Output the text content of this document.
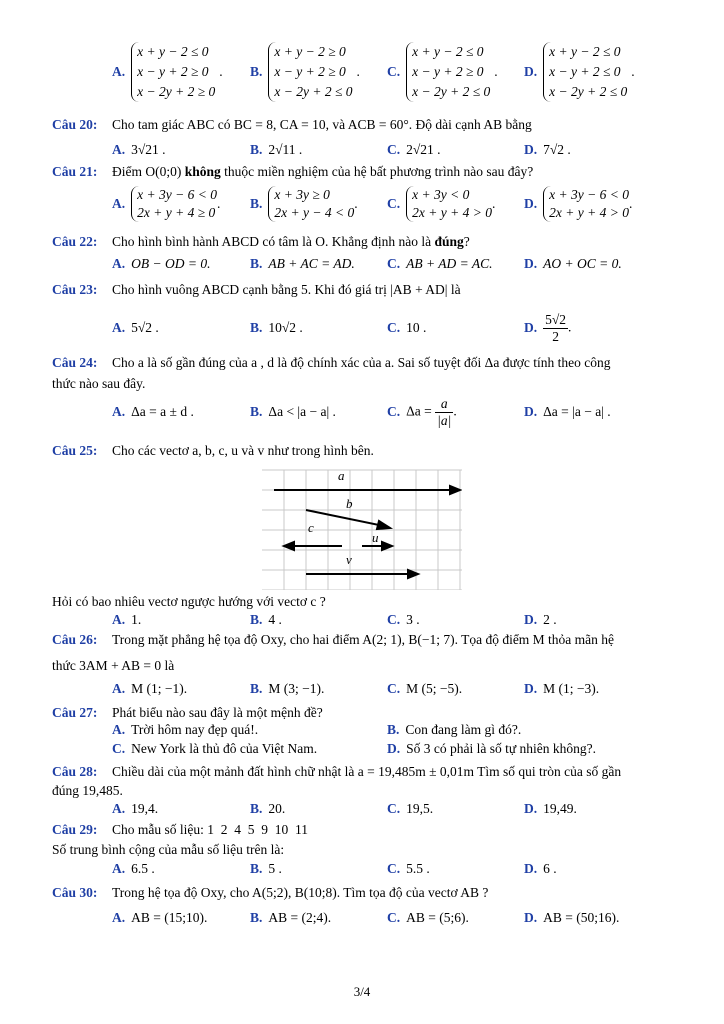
A.
x + y − 2 ≤ 0
x − y + 2 ≥ 0
x − 2y + 2 ≥ 0
. B.
x + y − 2 ≥ 0
x − y + 2 ≥ 0
x − 2y + 2 ≤ 0
. C.
x + y − 2 ≤ 0
x − y + 2 ≥ 0
x − 2y + 2 ≤ 0
. D.
x + y − 2 ≤ 0
x − y + 2 ≤ 0
x − 2y + 2 ≤ 0
.
Câu 20: Cho tam giác ABC có BC = 8, CA = 10, và ACB = 60°. Độ dài cạnh AB bằng
A. 3√21 .	B. 2√11 .	C. 2√21 .	D. 7√2 .
Câu 21: Điểm O(0;0) không thuộc miền nghiệm của hệ bất phương trình nào sau đây?
A.
x + 3y − 6 < 0
2x + y + 4 ≥ 0
. B.
x + 3y ≥ 0
2x + y − 4 < 0
. C.
x + 3y < 0
2x + y + 4 > 0
. D.
x + 3y − 6 < 0
2x + y + 4 > 0
.
Câu 22: Cho hình bình hành ABCD có tâm là O. Khẳng định nào là đúng?
A. OB − OD = 0.	B. AB + AC = AD. C. AB + AD = AC. D. AO + OC = 0.
Câu 23: Cho hình vuông ABCD cạnh bằng 5. Khi đó giá trị |AB + AD| là
A. 5√2 .	B. 10√2 .	C. 10 .	D. $\frac{5√2}{2}$ .
Câu 24: Cho a là số gần đúng của a , d là độ chính xác của a. Sai số tuyệt đối Δa được tính theo công
thức nào sau đây.
A. Δa = a ± d .	B. Δa < |a − a| .	C. $\Delta a = \frac{a}{|a|}$ .	D. Δa = |a − a| .
Câu 25: Cho các vectơ a, b, c, u và v như trong hình bên.
a
b
c
u
v
Hỏi có bao nhiêu vectơ ngược hướng với vectơ c ?
A. 1.	B. 4 .	C. 3 .	D. 2 .
Câu 26: Trong mặt phẳng hệ tọa độ Oxy, cho hai điểm A(2; 1), B(−1; 7). Tọa độ điểm M thỏa mãn hệ
thức 3AM + AB = 0 là
A. M (1; −1).	B. M (3; −1).	C. M (5; −5).	D. M (1; −3).
Câu 27: Phát biểu nào sau đây là một mệnh đề?
A. Trời hôm nay đẹp quá!.	B. Con đang làm gì đó?.
C. New York là thủ đô của Việt Nam.	D. Số 3 có phải là số tự nhiên không?.
Câu 28: Chiều dài của một mảnh đất hình chữ nhật là a = 19,485m ± 0,01m Tìm số qui tròn của số gần
đúng 19,485.
A. 19,4.	B. 20.	C. 19,5.	D. 19,49.
Câu 29: Cho mẫu số liệu: 1  2  4  5  9  10  11
Số trung bình cộng của mẫu số liệu trên là:
A. 6.5 .	B. 5 .	C. 5.5 .	D. 6 .
Câu 30: Trong hệ tọa độ Oxy, cho A(5;2), B(10;8). Tìm tọa độ của vectơ AB ?
A. AB = (15;10).	B. AB = (2;4).	C. AB = (5;6).	D. AB = (50;16).
3/4
